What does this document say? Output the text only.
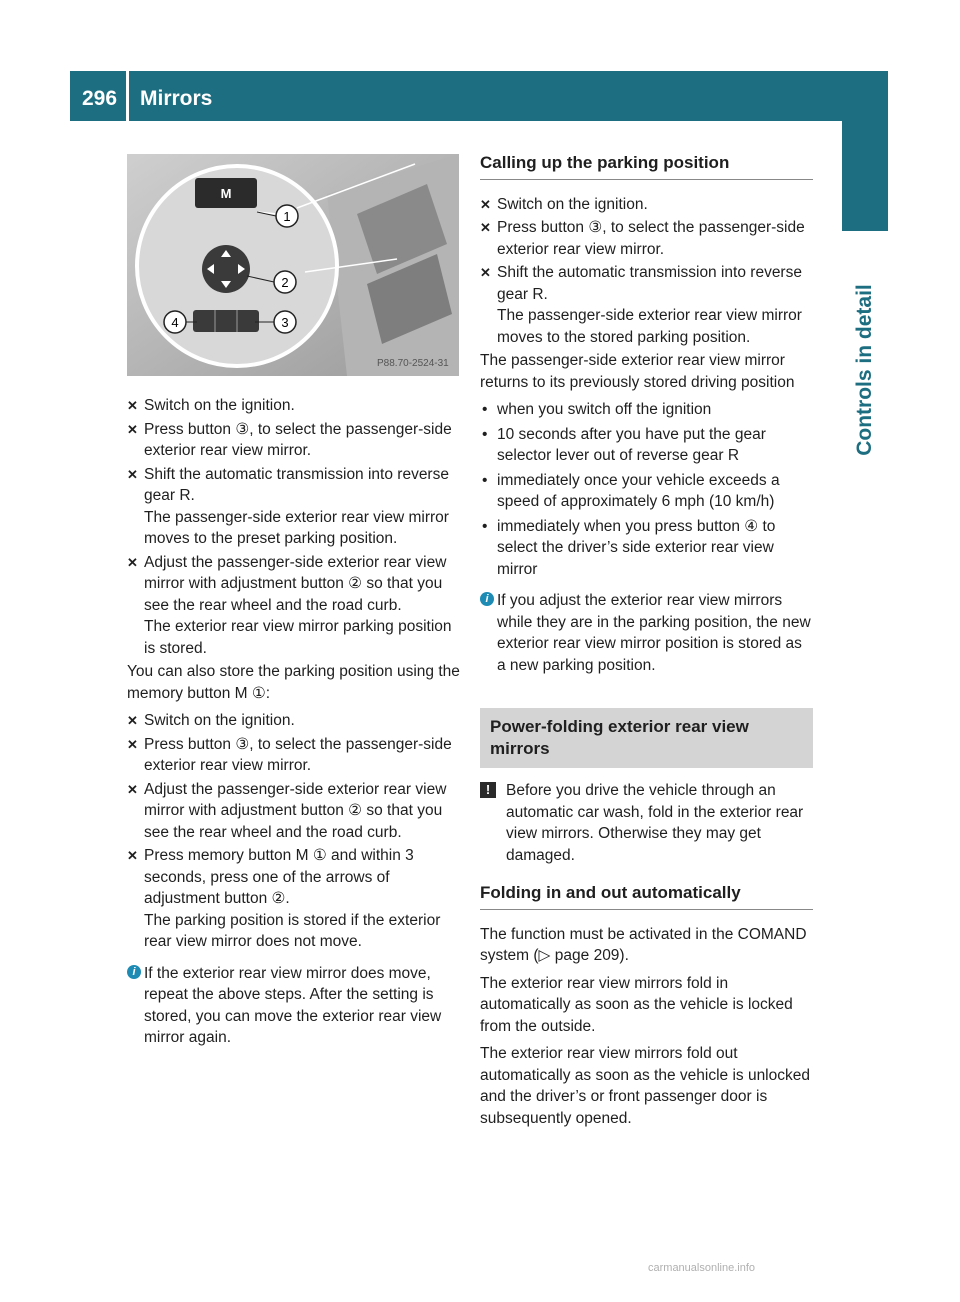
296 Mirrors
Controls in detail
M
1
2
3
4
P88.70-2524-31
✕ Switch on the ignition.
✕ Press button ③, to select the passenger-side exterior rear view mirror.
✕ Shift the automatic transmission into reverse gear R.
The passenger-side exterior rear view mirror moves to the preset parking position.
✕ Adjust the passenger-side exterior rear view mirror with adjustment button ② so that you see the rear wheel and the road curb.
The exterior rear view mirror parking position is stored.

You can also store the parking position using the memory button M ①:

✕ Switch on the ignition.
✕ Press button ③, to select the passenger-side exterior rear view mirror.
✕ Adjust the passenger-side exterior rear view mirror with adjustment button ② so that you see the rear wheel and the road curb.
✕ Press memory button M ① and within 3 seconds, press one of the arrows of adjustment button ②.
The parking position is stored if the exterior rear view mirror does not move.
i If the exterior rear view mirror does move, repeat the above steps. After the setting is stored, you can move the exterior rear view mirror again.
Calling up the parking position
✕ Switch on the ignition.
✕ Press button ③, to select the passenger-side exterior rear view mirror.
✕ Shift the automatic transmission into reverse gear R.
The passenger-side exterior rear view mirror moves to the stored parking position.

The passenger-side exterior rear view mirror returns to its previously stored driving position

• when you switch off the ignition
• 10 seconds after you have put the gear selector lever out of reverse gear R
• immediately once your vehicle exceeds a speed of approximately 6 mph (10 km/h)
• immediately when you press button ④ to select the driver’s side exterior rear view mirror
i If you adjust the exterior rear view mirrors while they are in the parking position, the new exterior rear view mirror position is stored as a new parking position.
Power-folding exterior rear view mirrors
!	Before you drive the vehicle through an automatic car wash, fold in the exterior rear view mirrors. Otherwise they may get damaged.
Folding in and out automatically

The function must be activated in the COMAND system (▷ page 209).

The exterior rear view mirrors fold in automatically as soon as the vehicle is locked from the outside.

The exterior rear view mirrors fold out automatically as soon as the vehicle is unlocked and the driver’s or front passenger door is subsequently opened.

carmanualsonline.info
